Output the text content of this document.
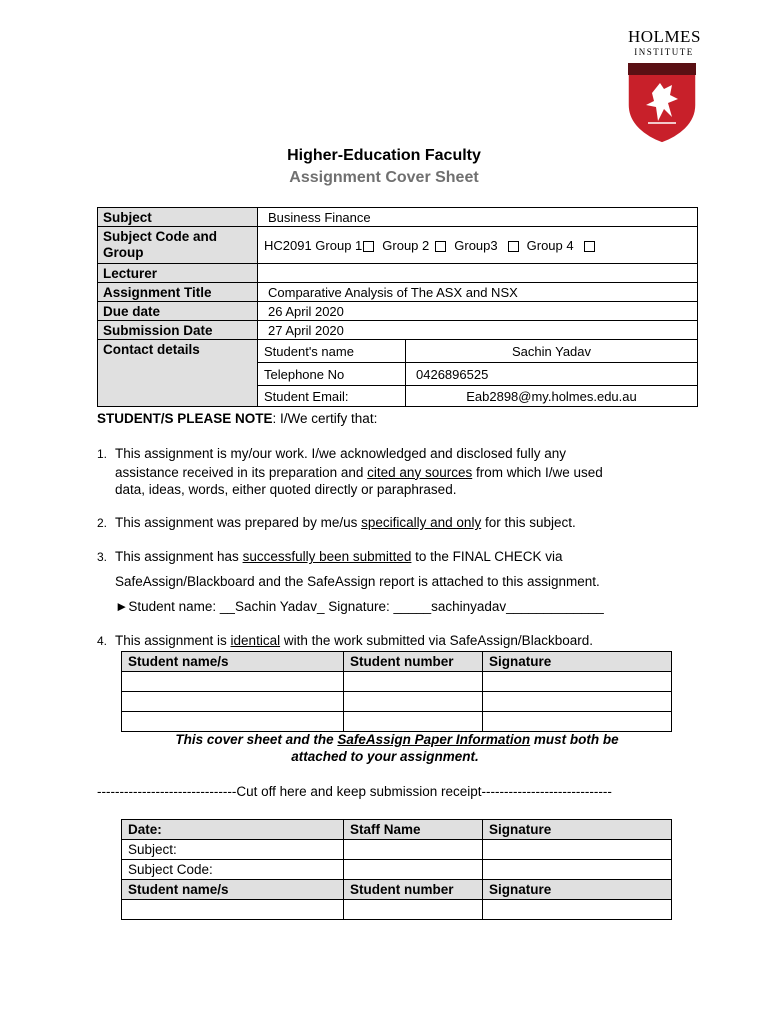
HOLMES
INSTITUTE
Higher-Education Faculty
Assignment Cover Sheet
Subject	Business Finance	
Subject Code and Group	HC2091 Group 1 Group 2 Group3 Group 4	
Lecturer		
Assignment Title	Comparative Analysis of The ASX and NSX	
Due date	26 April 2020	
Submission Date	27 April 2020	
Contact details	Student's name	Sachin Yadav
	Telephone No	0426896525
	Student Email:	Eab2898@my.holmes.edu.au
STUDENT/S PLEASE NOTE: I/We certify that:
1. This assignment is my/our work. I/we acknowledged and disclosed fully any
assistance received in its preparation and cited any sources from which I/we used
data, ideas, words, either quoted directly or paraphrased.
2. This assignment was prepared by me/us specifically and only for this subject.
3. This assignment has successfully been submitted to the FINAL CHECK via
SafeAssign/Blackboard and the SafeAssign report is attached to this assignment.
►Student name: __Sachin Yadav_ Signature: _____sachinyadav_____________
4. This assignment is identical with the work submitted via SafeAssign/Blackboard.
Student name/s	Student number	Signature

This cover sheet and the SafeAssign Paper Information must both be
attached to your assignment.
-------------------------------Cut off here and keep submission receipt-----------------------------
Date:	Staff Name	Signature
Subject:		
Subject Code:		
Student name/s	Student number	Signature
